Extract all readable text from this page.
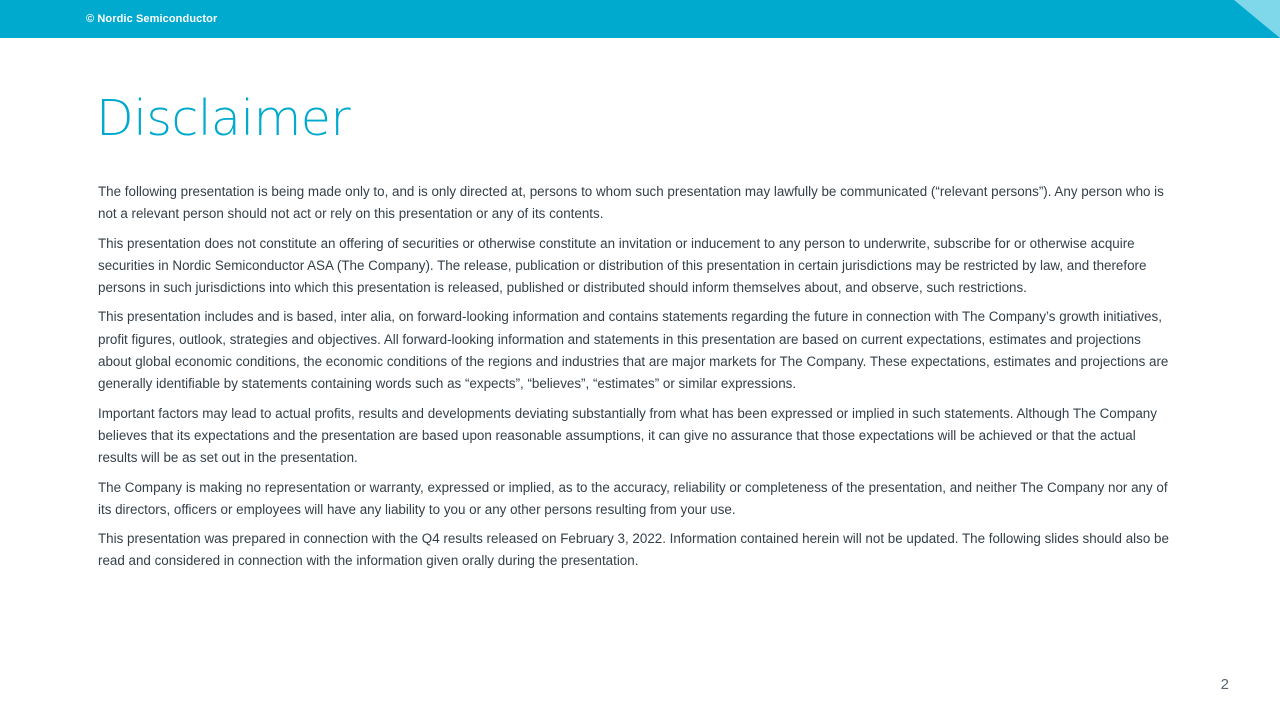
© Nordic Semiconductor
Disclaimer

The following presentation is being made only to, and is only directed at, persons to whom such presentation may lawfully be communicated (“relevant persons”). Any person who is not a relevant person should not act or rely on this presentation or any of its contents.

This presentation does not constitute an offering of securities or otherwise constitute an invitation or inducement to any person to underwrite, subscribe for or otherwise acquire securities in Nordic Semiconductor ASA (The Company). The release, publication or distribution of this presentation in certain jurisdictions may be restricted by law, and therefore persons in such jurisdictions into which this presentation is released, published or distributed should inform themselves about, and observe, such restrictions.

This presentation includes and is based, inter alia, on forward-looking information and contains statements regarding the future in connection with The Company’s growth initiatives, profit figures, outlook, strategies and objectives. All forward-looking information and statements in this presentation are based on current expectations, estimates and projections about global economic conditions, the economic conditions of the regions and industries that are major markets for The Company. These expectations, estimates and projections are generally identifiable by statements containing words such as “expects”, “believes”, “estimates” or similar expressions.

Important factors may lead to actual profits, results and developments deviating substantially from what has been expressed or implied in such statements. Although The Company believes that its expectations and the presentation are based upon reasonable assumptions, it can give no assurance that those expectations will be achieved or that the actual results will be as set out in the presentation.

The Company is making no representation or warranty, expressed or implied, as to the accuracy, reliability or completeness of the presentation, and neither The Company nor any of its directors, officers or employees will have any liability to you or any other persons resulting from your use.

This presentation was prepared in connection with the Q4 results released on February 3, 2022. Information contained herein will not be updated. The following slides should also be read and considered in connection with the information given orally during the presentation.

2
